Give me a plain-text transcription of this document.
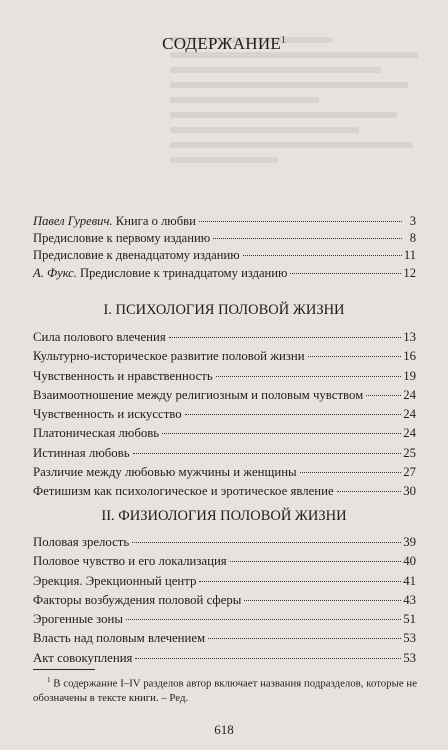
СОДЕРЖАНИЕ$^1$
Павел Гуревич. Книга о любви	3
Предисловие к первому изданию	8
Предисловие к двенадцатому изданию	11
А. Фукс. Предисловие к тринадцатому изданию	12
I. ПСИХОЛОГИЯ ПОЛОВОЙ ЖИЗНИ
Сила полового влечения	13
Культурно-историческое развитие половой жизни	16
Чувственность и нравственность	19
Взаимоотношение между религиозным и половым чувством	24
Чувственность и искусство	24
Платоническая любовь	24
Истинная любовь	25
Различие между любовью мужчины и женщины	27
Фетишизм как психологическое и эротическое явление	30
II. ФИЗИОЛОГИЯ ПОЛОВОЙ ЖИЗНИ
Половая зрелость	39
Половое чувство и его локализация	40
Эрекция. Эрекционный центр	41
Факторы возбуждения половой сферы	43
Эрогенные зоны	51
Власть над половым влечением	53
Акт совокупления	53
$^1$ В содержание I–IV разделов автор включает названия подразделов, которые не обозначены в тексте книги. – Ред.
618
